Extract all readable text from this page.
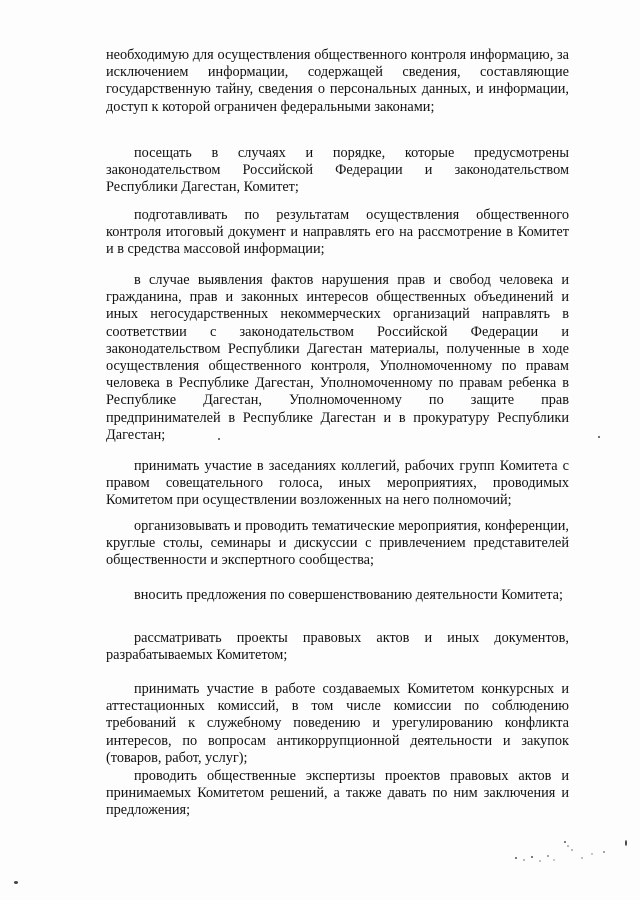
необходимую для осуществления общественного контроля информацию, за исключением информации, содержащей сведения, составляющие государственную тайну, сведения о персональных данных, и информации, доступ к которой ограничен федеральными законами;

посещать в случаях и порядке, которые предусмотрены законодательством Российской Федерации и законодательством Республики Дагестан, Комитет;

подготавливать по результатам осуществления общественного контроля итоговый документ и направлять его на рассмотрение в Комитет и в средства массовой информации;

в случае выявления фактов нарушения прав и свобод человека и гражданина, прав и законных интересов общественных объединений и иных негосударственных некоммерческих организаций направлять в соответствии с законодательством Российской Федерации и законодательством Республики Дагестан материалы, полученные в ходе осуществления общественного контроля, Уполномоченному по правам человека в Республике Дагестан, Уполномоченному по правам ребенка в Республике Дагестан, Уполномоченному по защите прав предпринимателей в Республике Дагестан и в прокуратуру Республики Дагестан;

принимать участие в заседаниях коллегий, рабочих групп Комитета с правом совещательного голоса, иных мероприятиях, проводимых Комитетом при осуществлении возложенных на него полномочий;

организовывать и проводить тематические мероприятия, конференции, круглые столы, семинары и дискуссии с привлечением представителей общественности и экспертного сообщества;

вносить предложения по совершенствованию деятельности Комитета;

рассматривать проекты правовых актов и иных документов, разрабатываемых Комитетом;

принимать участие в работе создаваемых Комитетом конкурсных и аттестационных комиссий, в том числе комиссии по соблюдению требований к служебному поведению и урегулированию конфликта интересов, по вопросам антикоррупционной деятельности и закупок (товаров, работ, услуг);

проводить общественные экспертизы проектов правовых актов и принимаемых Комитетом решений, а также давать по ним заключения и предложения;
